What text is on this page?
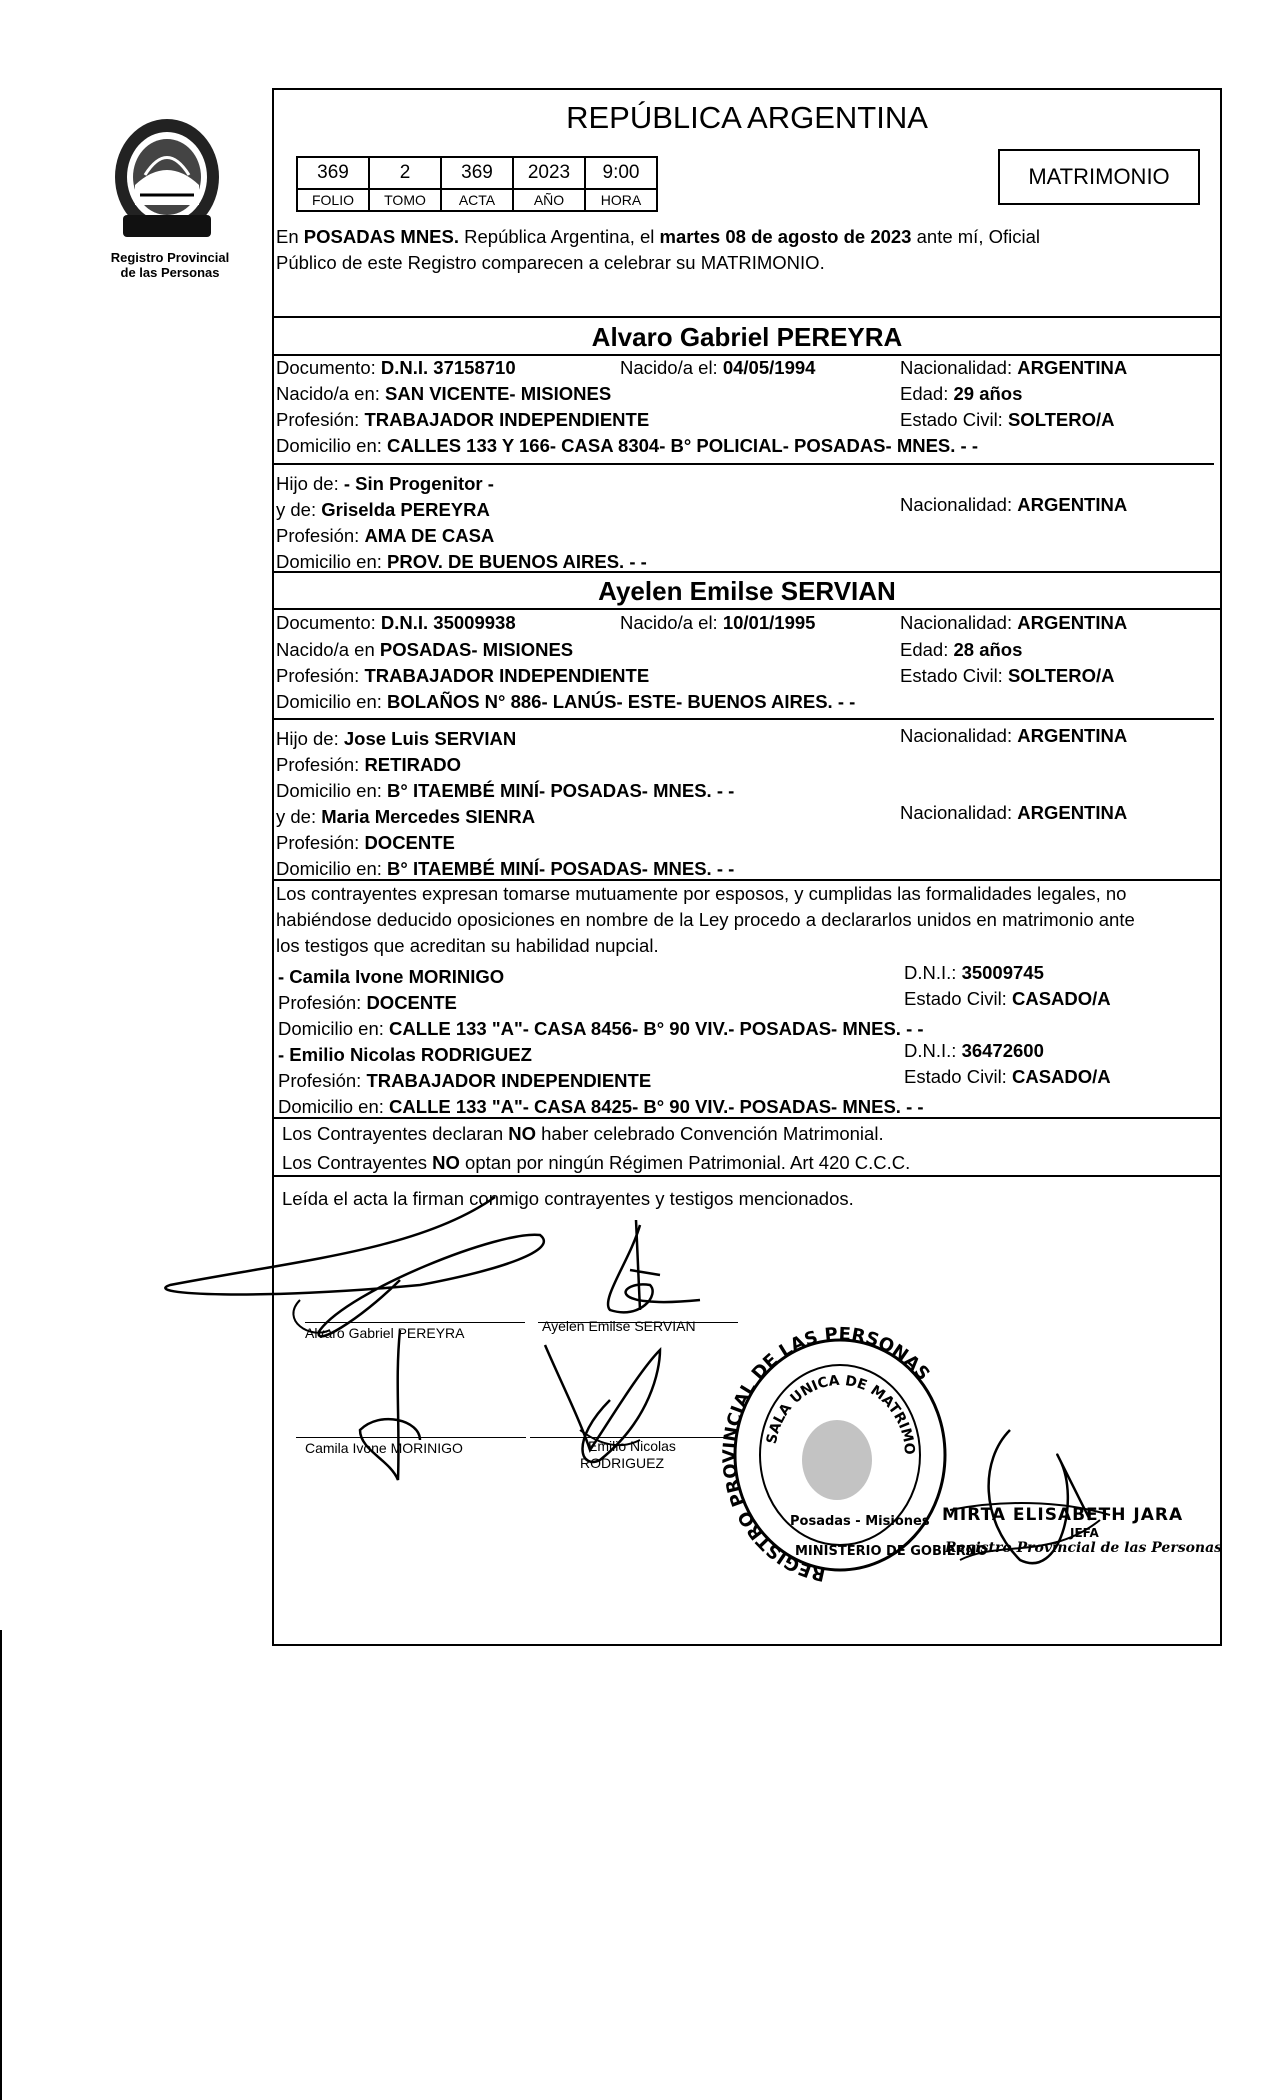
Registro Provincial
de las Personas
REPÚBLICA ARGENTINA
369	2	369	2023	9:00
FOLIO	TOMO	ACTA	AÑO	HORA
MATRIMONIO
En POSADAS MNES. República Argentina, el martes 08 de agosto de 2023 ante mí, Oficial
Público de este Registro comparecen a celebrar su MATRIMONIO.
Alvaro Gabriel PEREYRA
Documento: D.N.I. 37158710	Nacido/a el: 04/05/1994	Nacionalidad: ARGENTINA
Nacido/a en: SAN VICENTE- MISIONES	Edad: 29 años
Profesión: TRABAJADOR INDEPENDIENTE	Estado Civil: SOLTERO/A
Domicilio en: CALLES 133 Y 166- CASA 8304- B° POLICIAL- POSADAS- MNES. - -
Hijo de: - Sin Progenitor -
y de: Griselda PEREYRA	Nacionalidad: ARGENTINA
Profesión: AMA DE CASA
Domicilio en: PROV. DE BUENOS AIRES. - -
Ayelen Emilse SERVIAN
Documento: D.N.I. 35009938	Nacido/a el: 10/01/1995	Nacionalidad: ARGENTINA
Nacido/a en POSADAS- MISIONES	Edad: 28 años
Profesión: TRABAJADOR INDEPENDIENTE	Estado Civil: SOLTERO/A
Domicilio en: BOLAÑOS N° 886- LANÚS- ESTE- BUENOS AIRES. - -
Hijo de: Jose Luis SERVIAN	Nacionalidad: ARGENTINA
Profesión: RETIRADO
Domicilio en: B° ITAEMBÉ MINÍ- POSADAS- MNES. - -
y de: Maria Mercedes SIENRA	Nacionalidad: ARGENTINA
Profesión: DOCENTE
Domicilio en: B° ITAEMBÉ MINÍ- POSADAS- MNES. - -
Los contrayentes expresan tomarse mutuamente por esposos, y cumplidas las formalidades legales, no
habiéndose deducido oposiciones en nombre de la Ley procedo a declararlos unidos en matrimonio ante
los testigos que acreditan su habilidad nupcial.
- Camila Ivone MORINIGO	D.N.I.: 35009745
Profesión: DOCENTE	Estado Civil: CASADO/A
Domicilio en: CALLE 133 "A"- CASA 8456- B° 90 VIV.- POSADAS- MNES. - -
- Emilio Nicolas RODRIGUEZ	D.N.I.: 36472600
Profesión: TRABAJADOR INDEPENDIENTE	Estado Civil: CASADO/A
Domicilio en: CALLE 133 "A"- CASA 8425- B° 90 VIV.- POSADAS- MNES. - -
Los Contrayentes declaran NO haber celebrado Convención Matrimonial.
Los Contrayentes NO optan por ningún Régimen Patrimonial. Art 420 C.C.C.
Leída el acta la firman conmigo contrayentes y testigos mencionados.
Alvaro Gabriel PEREYRA	Ayelen Emilse SERVIAN
Camila Ivone MORINIGO	Emilio Nicolas
RODRIGUEZ
REGISTRO PROVINCIAL DE LAS PERSONAS
SALA UNICA DE MATRIMONIOS
MINISTERIO DE GOBIERNO
Posadas - Misiones MIRTA ELISABETH JARA
JEFA
Registro Provincial de las Personas
